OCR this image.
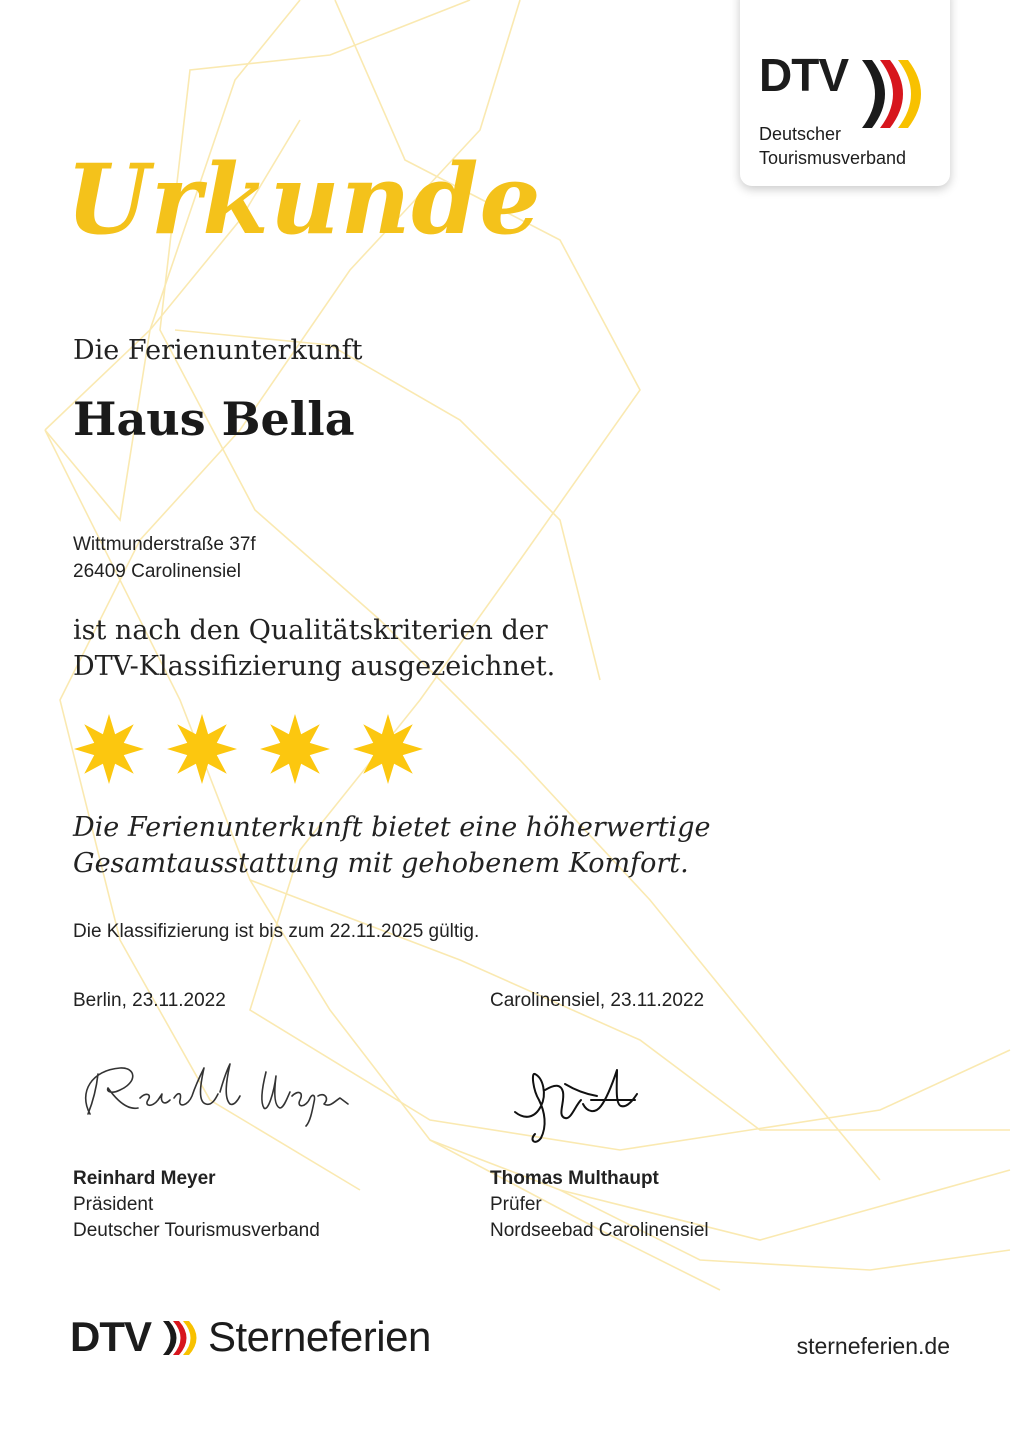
DTV
Deutscher
Tourismusverband
Urkunde
Die Ferienunterkunft
Haus Bella
Wittmunderstraße 37f
26409 Carolinensiel
ist nach den Qualitätskriterien der
DTV-Klassifizierung ausgezeichnet.
Die Ferienunterkunft bietet eine höherwertige
Gesamtausstattung mit gehobenem Komfort.
Die Klassifizierung ist bis zum 22.11.2025 gültig.
Berlin, 23.11.2022	Carolinensiel, 23.11.2022
Reinhard Meyer
Präsident
Deutscher Tourismusverband
Thomas Multhaupt
Prüfer
Nordseebad Carolinensiel
DTV Sterneferien	sterneferien.de
